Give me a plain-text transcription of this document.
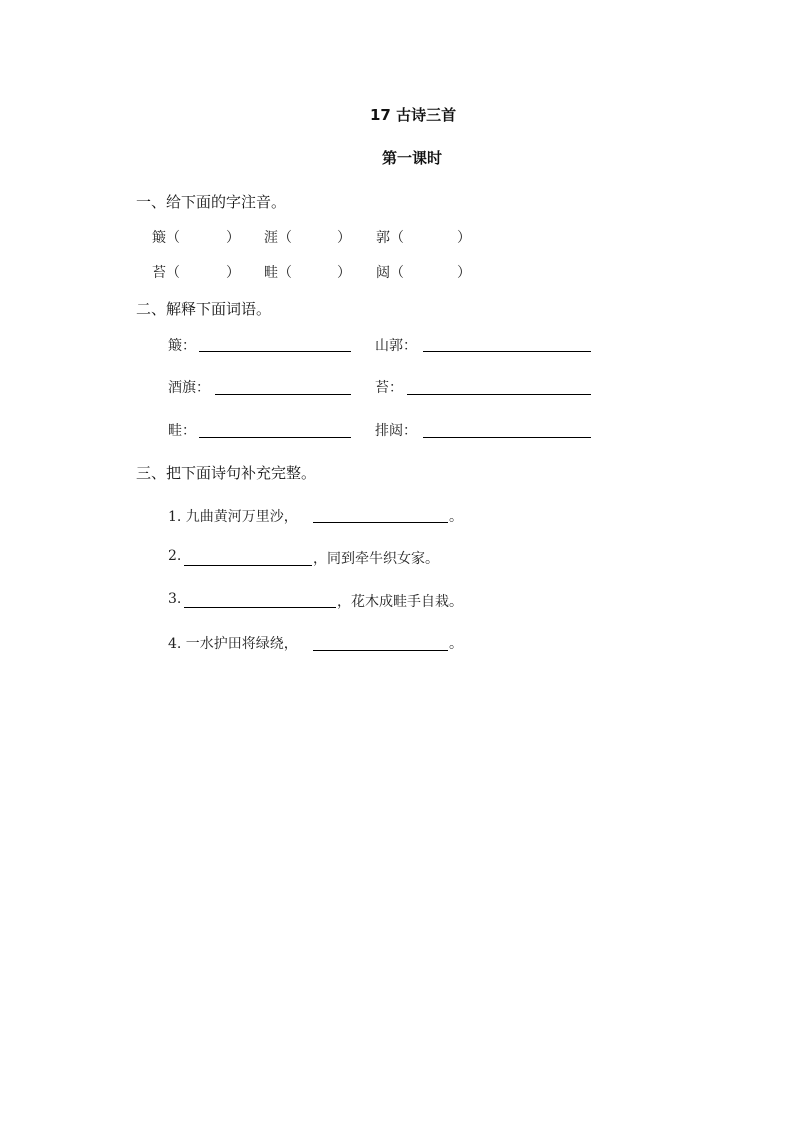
17 古诗三首
第一课时
一、给下面的字注音。
簸（	） 涯（	） 郭（	）
苔（	） 畦（	） 闼（	）
二、解释下面词语。
簸：	山郭：
酒旗：	苔：
畦：	排闼：
三、把下面诗句补充完整。
1. 九曲黄河万里沙，	。
2.	，同到牵牛织女家。
3.	，花木成畦手自栽。
4. 一水护田将绿绕，	。
